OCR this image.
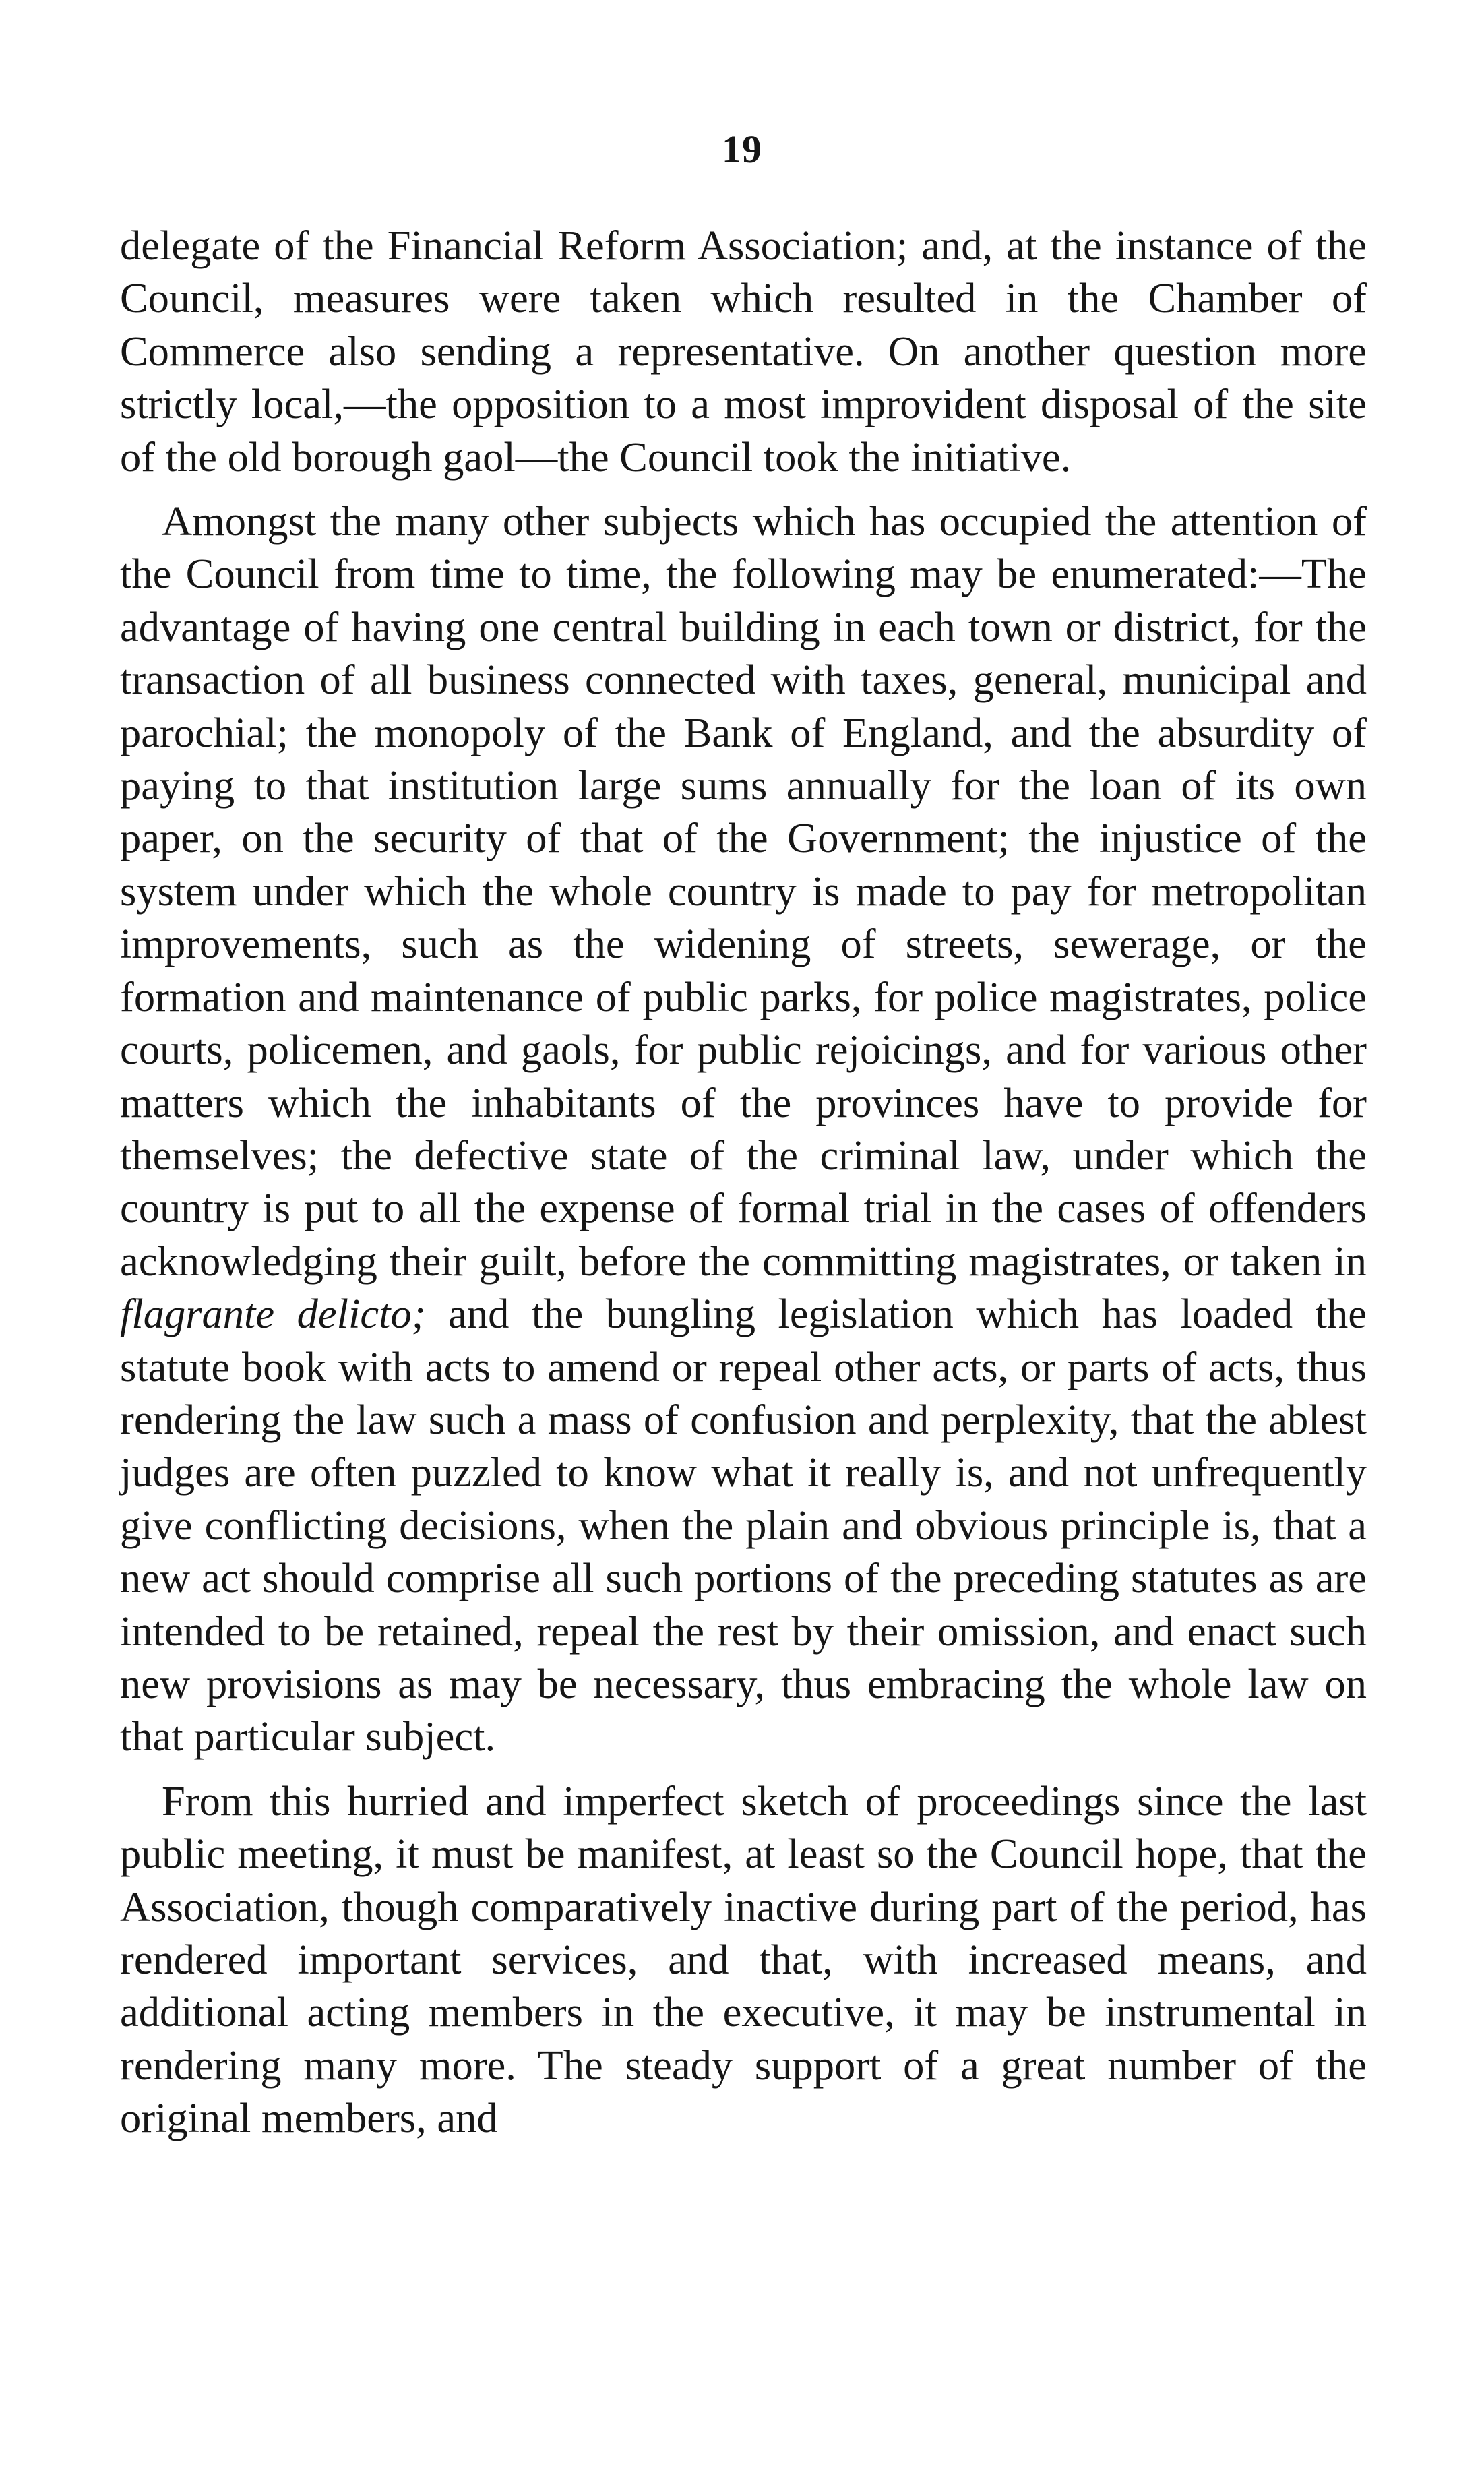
19

delegate of the Financial Reform Association; and, at the instance of the Council, measures were taken which resulted in the Chamber of Commerce also sending a representative. On another question more strictly local,—the opposition to a most improvident disposal of the site of the old borough gaol—the Council took the initiative.

Amongst the many other subjects which has occupied the attention of the Council from time to time, the following may be enumerated:—The advantage of having one central building in each town or district, for the transaction of all business connected with taxes, general, municipal and parochial; the monopoly of the Bank of England, and the absurdity of paying to that institution large sums annually for the loan of its own paper, on the security of that of the Government; the injustice of the system under which the whole country is made to pay for metropolitan improvements, such as the widening of streets, sewerage, or the formation and maintenance of public parks, for police magistrates, police courts, policemen, and gaols, for public rejoicings, and for various other matters which the inhabitants of the provinces have to provide for themselves; the defective state of the criminal law, under which the country is put to all the expense of formal trial in the cases of offenders acknowledging their guilt, before the committing magistrates, or taken in flagrante delicto; and the bungling legislation which has loaded the statute book with acts to amend or repeal other acts, or parts of acts, thus rendering the law such a mass of confusion and perplexity, that the ablest judges are often puzzled to know what it really is, and not unfrequently give conflicting decisions, when the plain and obvious principle is, that a new act should comprise all such portions of the preceding statutes as are intended to be retained, repeal the rest by their omission, and enact such new provisions as may be necessary, thus embracing the whole law on that particular subject.

From this hurried and imperfect sketch of proceedings since the last public meeting, it must be manifest, at least so the Council hope, that the Association, though comparatively inactive during part of the period, has rendered important services, and that, with increased means, and additional acting members in the executive, it may be instrumental in rendering many more. The steady support of a great number of the original members, and
